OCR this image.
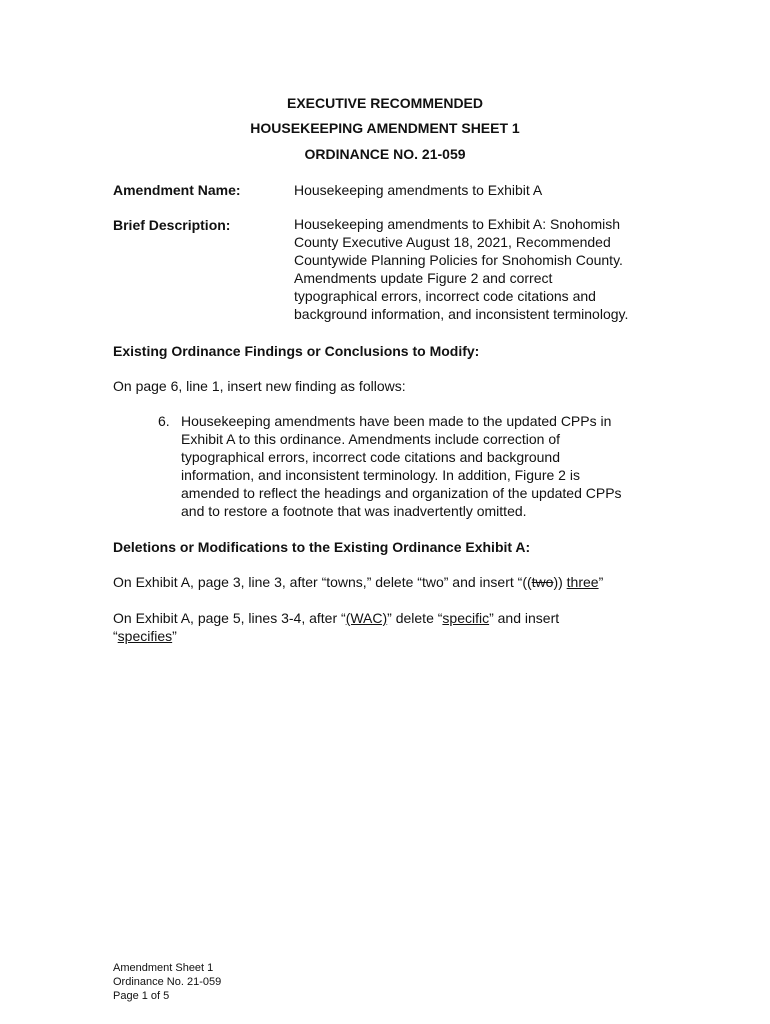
EXECUTIVE RECOMMENDED
HOUSEKEEPING AMENDMENT SHEET 1
ORDINANCE NO. 21-059
Amendment Name:	Housekeeping amendments to Exhibit A
Brief Description:	Housekeeping amendments to Exhibit A: Snohomish
County Executive August 18, 2021, Recommended
Countywide Planning Policies for Snohomish County.
Amendments update Figure 2 and correct
typographical errors, incorrect code citations and
background information, and inconsistent terminology.
Existing Ordinance Findings or Conclusions to Modify:
On page 6, line 1, insert new finding as follows:
6. Housekeeping amendments have been made to the updated CPPs in
Exhibit A to this ordinance. Amendments include correction of
typographical errors, incorrect code citations and background
information, and inconsistent terminology. In addition, Figure 2 is
amended to reflect the headings and organization of the updated CPPs
and to restore a footnote that was inadvertently omitted.
Deletions or Modifications to the Existing Ordinance Exhibit A:
On Exhibit A, page 3, line 3, after “towns,” delete “two” and insert “((two)) three”
On Exhibit A, page 5, lines 3-4, after “(WAC)” delete “specific” and insert
“specifies”
Amendment Sheet 1
Ordinance No. 21-059
Page 1 of 5
